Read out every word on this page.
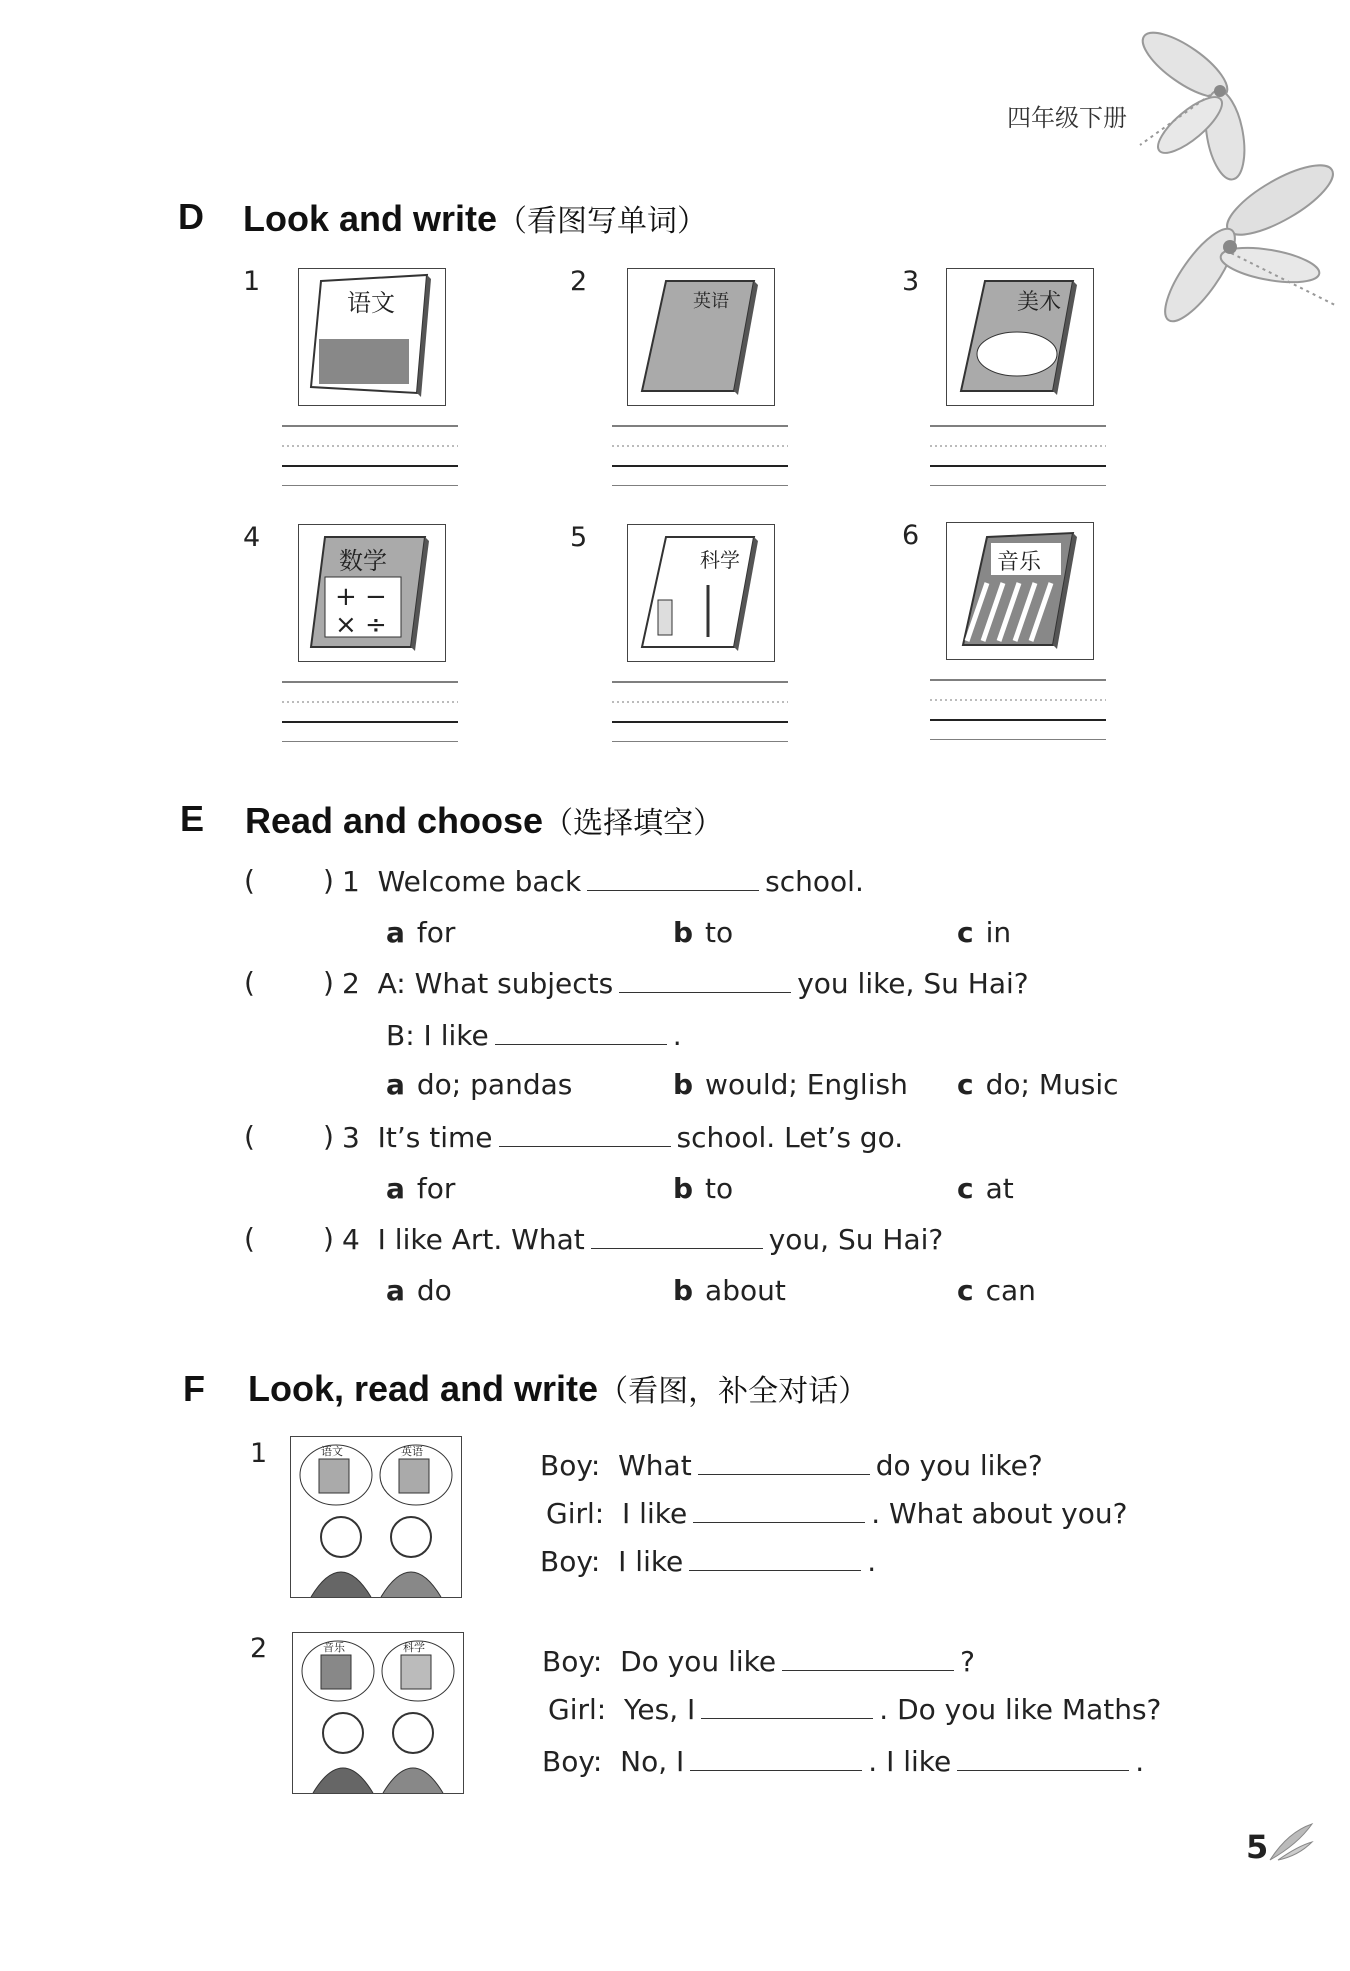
四年级下册
D Look and write（看图写单词）
1
语文
2
英语
3
美术
4
数学
+ −
× ÷
5
科学
6
音乐
E Read and choose（选择填空）
( ) 1 Welcome back	school.
a for	b to	c in
( ) 2 A: What subjects	you like, Su Hai?
B: I like	.
a do; pandas	b would; English c do; Music
( ) 3 It’s time	school. Let’s go.
a for	b to	c at
( ) 4 I like Art. What	you, Su Hai?
a do	b about	c can
F Look, read and write（看图，补全对话）
1	语文	英语	Boy: What	do you like?
Girl: I like	. What about you?
Boy: I like	.
2	音乐	科学	Boy: Do you like	?
Girl: Yes, I	. Do you like Maths?
Boy: No, I	. I like	.
5
